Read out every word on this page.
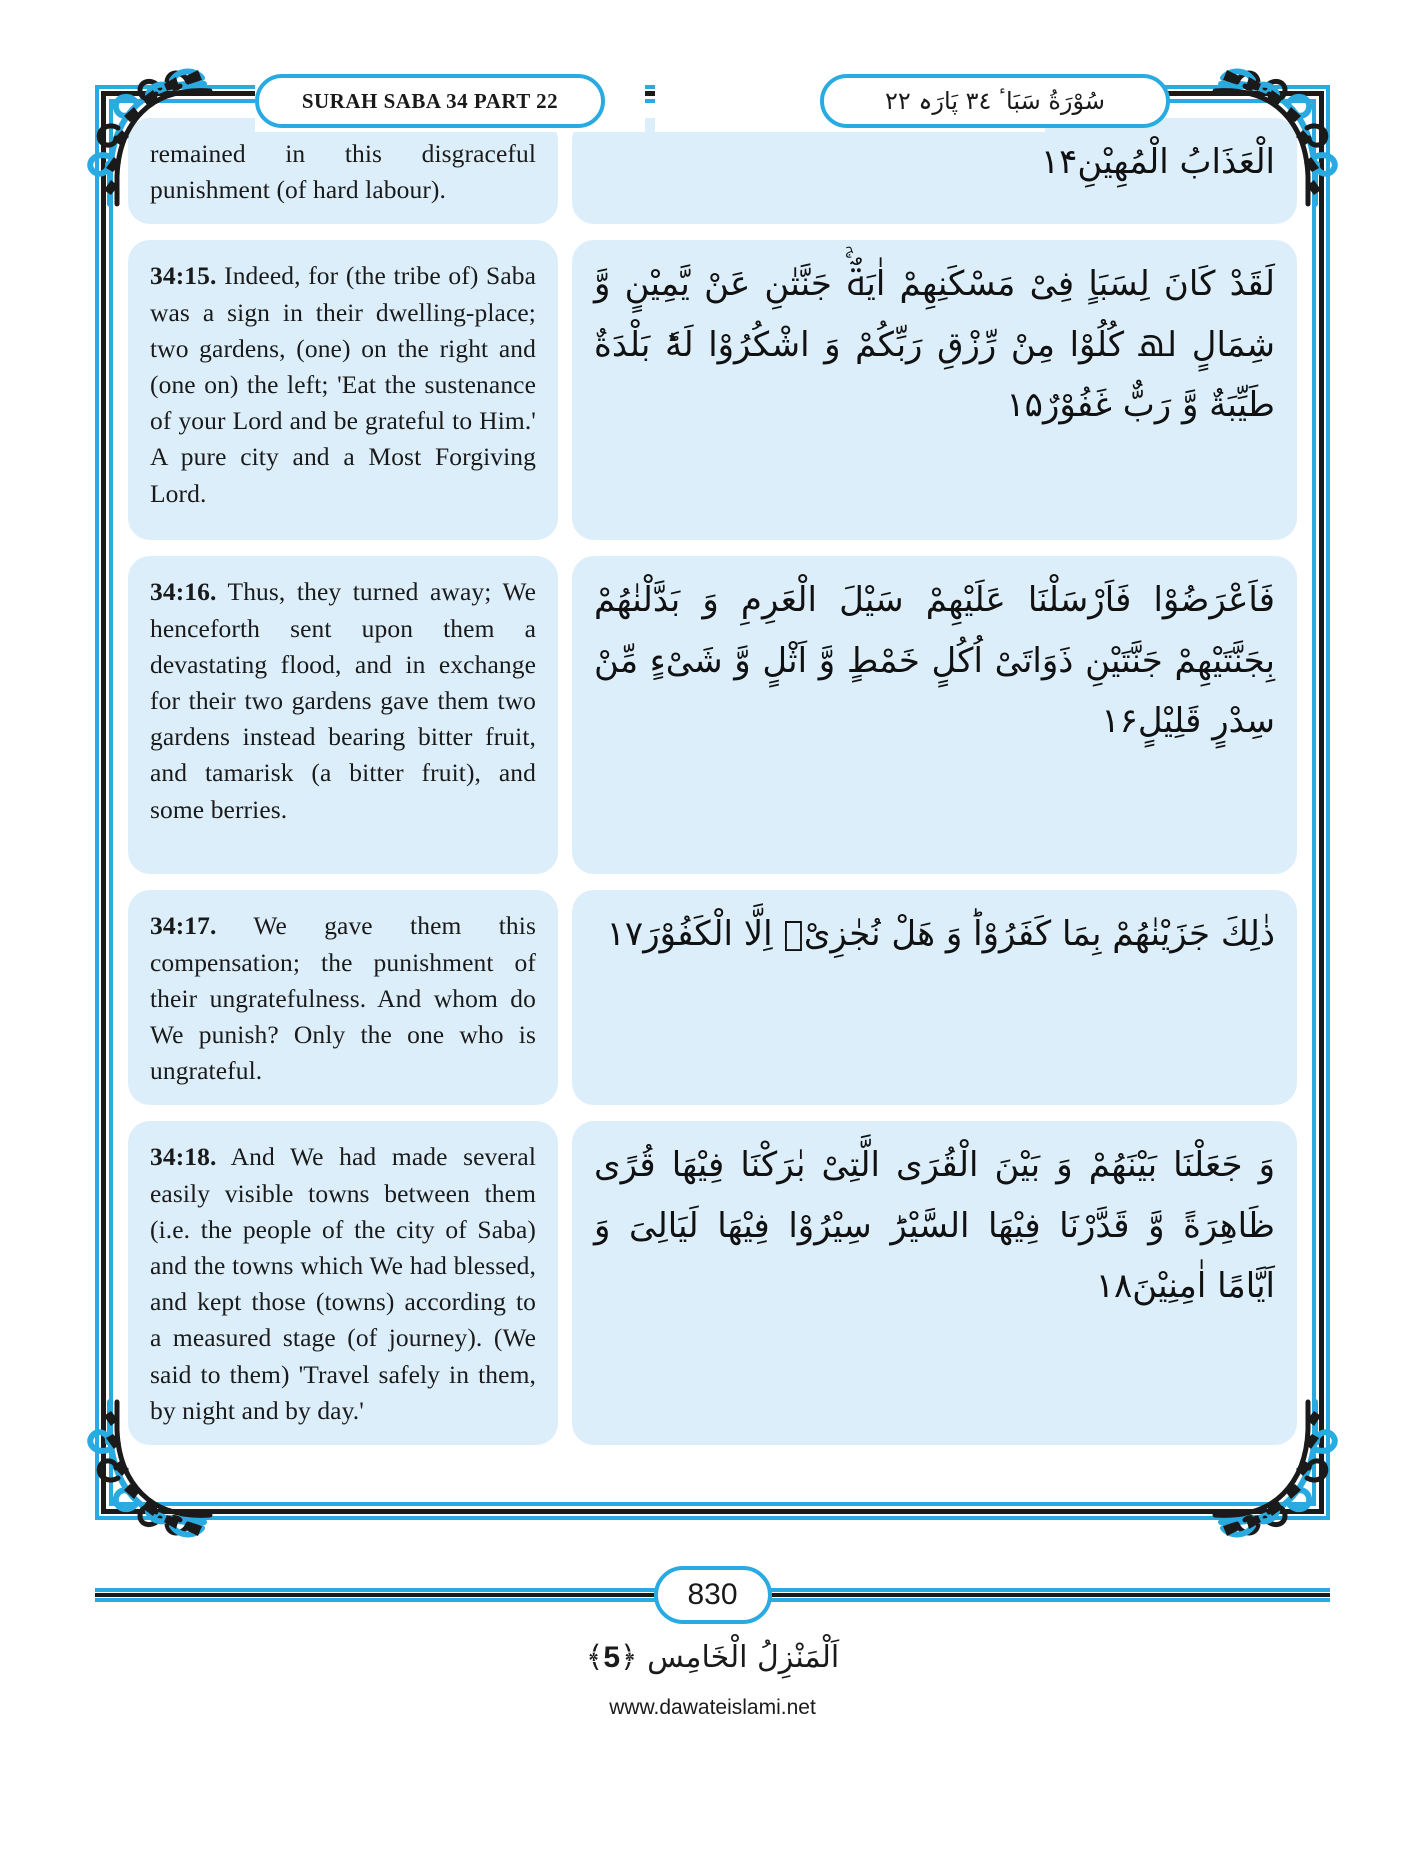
SURAH SABA 34 PART 22	سُوْرَةُ سَبَاٴ ٣٤ پَارَہ ٢٢
remained in this disgraceful punishment (of hard labour).
الْعَذَابُ الْمُهِيْنِ
۱۴
34:15. Indeed, for (the tribe of) Saba was a sign in their dwelling-place; two gardens, (one) on the right and (one on) the left; 'Eat the sustenance of your Lord and be grateful to Him.' A pure city and a Most Forgiving Lord.
لَقَدْ كَانَ لِسَبَاٍ فِیْ مَسْكَنِهِمْ اٰیَةٌۚ جَنَّتٰنِ عَنْ یَّمِیْنٍ وَّ شِمَالٍ ﳍ كُلُوْا مِنْ رِّزْقِ رَبِّكُمْ وَ اشْكُرُوْا لَهٗؕ بَلْدَةٌ طَیِّبَةٌ وَّ رَبٌّ غَفُوْرٌ۱۵
34:16. Thus, they turned away; We henceforth sent upon them a devastating flood, and in exchange for their two gardens gave them two gardens instead bearing bitter fruit, and tamarisk (a bitter fruit), and some berries.
فَاَعْرَضُوْا فَاَرْسَلْنَا عَلَیْهِمْ سَیْلَ الْعَرِمِ وَ بَدَّلْنٰهُمْ بِجَنَّتَیْهِمْ جَنَّتَیْنِ ذَوَاتَیْ اُكُلٍ خَمْطٍ وَّ اَثْلٍ وَّ شَیْءٍ مِّنْ سِدْرٍ قَلِیْلٍ۱۶
34:17. We gave them this compensation; the punishment of their ungratefulness. And whom do We punish? Only the one who is ungrateful.
ذٰلِكَ جَزَیْنٰهُمْ بِمَا كَفَرُوْاؕ وَ هَلْ نُجٰزِیْۤ اِلَّا الْكَفُوْرَ۱۷
34:18. And We had made several easily visible towns between them (i.e. the people of the city of Saba) and the towns which We had blessed, and kept those (towns) according to a measured stage (of journey). (We said to them) 'Travel safely in them, by night and by day.'
وَ جَعَلْنَا بَیْنَهُمْ وَ بَیْنَ الْقُرَى الَّتِیْ بٰرَكْنَا فِیْهَا قُرًى ظَاهِرَةً وَّ قَدَّرْنَا فِیْهَا السَّیْرَؕ سِیْرُوْا فِیْهَا لَیَالِیَ وَ اَیَّامًا اٰمِنِیْنَ۱۸
830
اَلْمَنْزِلُ الْخَامِس ﴿5﴾
www.dawateislami.net
